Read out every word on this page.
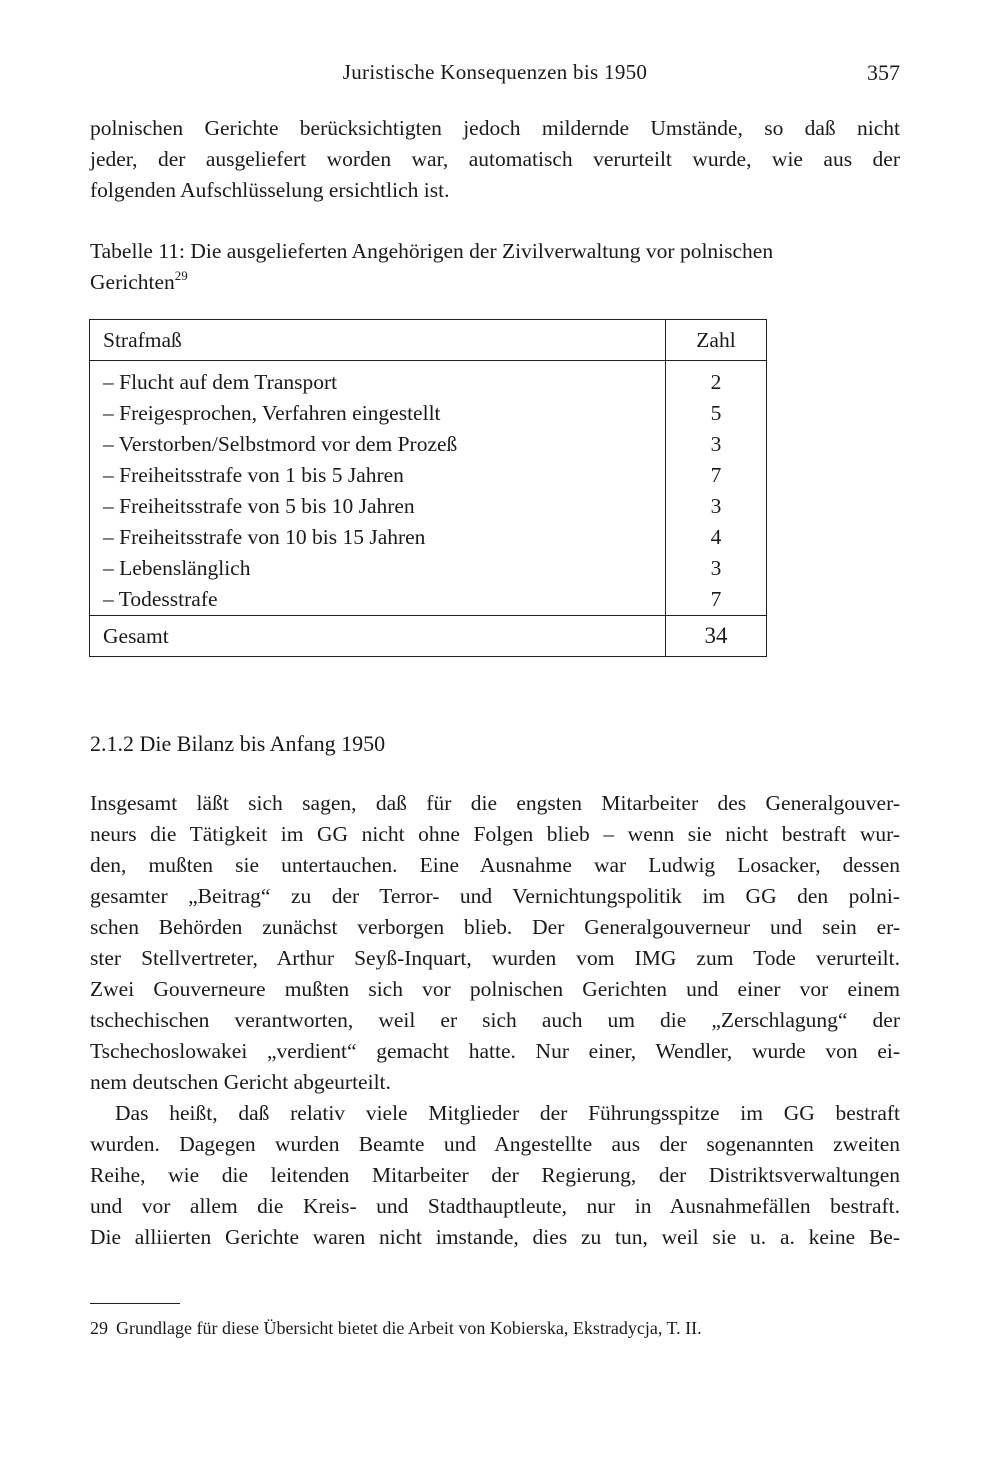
Juristische Konsequenzen bis 1950	357

polnischen Gerichte berücksichtigten jedoch mildernde Umstände, so daß nicht
jeder, der ausgeliefert worden war, automatisch verurteilt wurde, wie aus der
folgenden Aufschlüsselung ersichtlich ist.

Tabelle 11: Die ausgelieferten Angehörigen der Zivilverwaltung vor polnischen
Gerichten$^{29}$

Strafmaß	Zahl
– Flucht auf dem Transport	2
– Freigesprochen, Verfahren eingestellt	5
– Verstorben/Selbstmord vor dem Prozeß	3
– Freiheitsstrafe von 1 bis 5 Jahren	7
– Freiheitsstrafe von 5 bis 10 Jahren	3
– Freiheitsstrafe von 10 bis 15 Jahren	4
– Lebenslänglich	3
– Todesstrafe	7
Gesamt	34
2.1.2 Die Bilanz bis Anfang 1950

Insgesamt läßt sich sagen, daß für die engsten Mitarbeiter des Generalgouver-
neurs die Tätigkeit im GG nicht ohne Folgen blieb – wenn sie nicht bestraft wur-
den, mußten sie untertauchen. Eine Ausnahme war Ludwig Losacker, dessen
gesamter „Beitrag“ zu der Terror- und Vernichtungspolitik im GG den polni-
schen Behörden zunächst verborgen blieb. Der Generalgouverneur und sein er-
ster Stellvertreter, Arthur Seyß-Inquart, wurden vom IMG zum Tode verurteilt.
Zwei Gouverneure mußten sich vor polnischen Gerichten und einer vor einem
tschechischen verantworten, weil er sich auch um die „Zerschlagung“ der
Tschechoslowakei „verdient“ gemacht hatte. Nur einer, Wendler, wurde von ei-
nem deutschen Gericht abgeurteilt.

Das heißt, daß relativ viele Mitglieder der Führungsspitze im GG bestraft
wurden. Dagegen wurden Beamte und Angestellte aus der sogenannten zweiten
Reihe, wie die leitenden Mitarbeiter der Regierung, der Distriktsverwaltungen
und vor allem die Kreis- und Stadthauptleute, nur in Ausnahmefällen bestraft.
Die alliierten Gerichte waren nicht imstande, dies zu tun, weil sie u. a. keine Be-

29 Grundlage für diese Übersicht bietet die Arbeit von Kobierska, Ekstradycja, T. II.
